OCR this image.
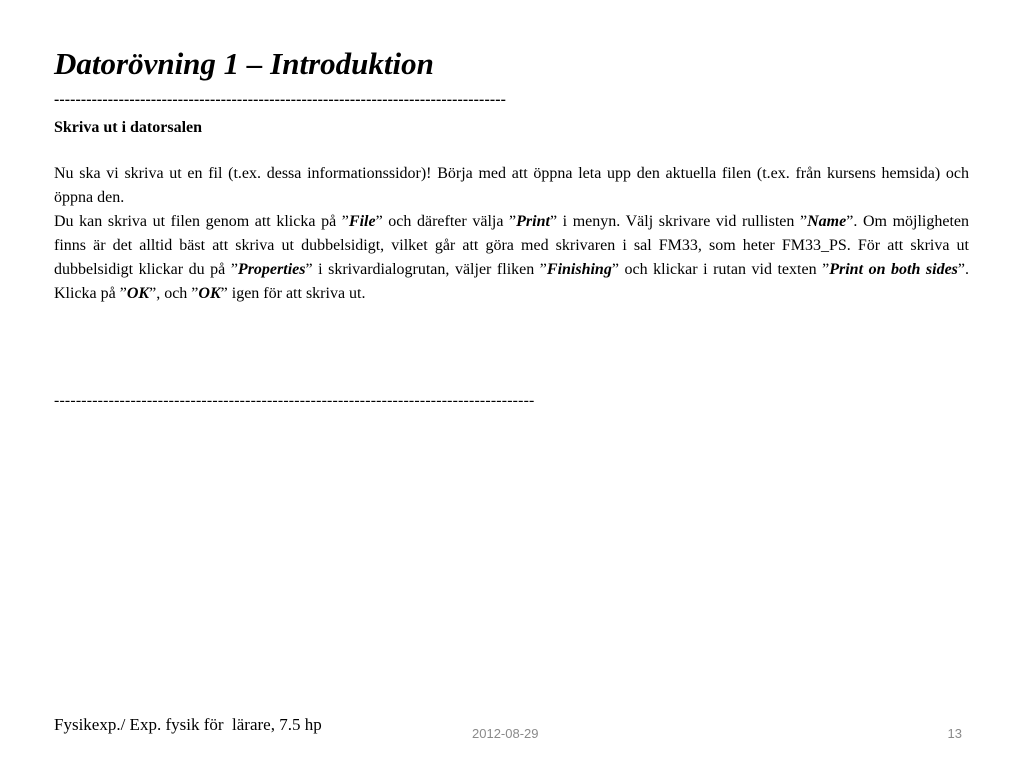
Datorövning 1 – Introduktion
------------------------------------------------------------------------------------
Skriva ut i datorsalen

Nu ska vi skriva ut en fil (t.ex. dessa informationssidor)! Börja med att öppna leta upp den aktuella filen (t.ex. från kursens hemsida) och öppna den.

Du kan skriva ut filen genom att klicka på ”File” och därefter välja ”Print” i menyn. Välj skrivare vid rullisten ”Name”. Om möjligheten finns är det alltid bäst att skriva ut dubbelsidigt, vilket går att göra med skrivaren i sal FM33, som heter FM33_PS. För att skriva ut dubbelsidigt klickar du på ”Properties” i skrivardialogrutan, väljer fliken ”Finishing” och klickar i rutan vid texten ”Print on both sides”. Klicka på ”OK”, och ”OK” igen för att skriva ut.

----------------------------------------------------------------------------------------
Fysikexp./ Exp. fysik för  lärare, 7.5 hp	2012-08-29	13
